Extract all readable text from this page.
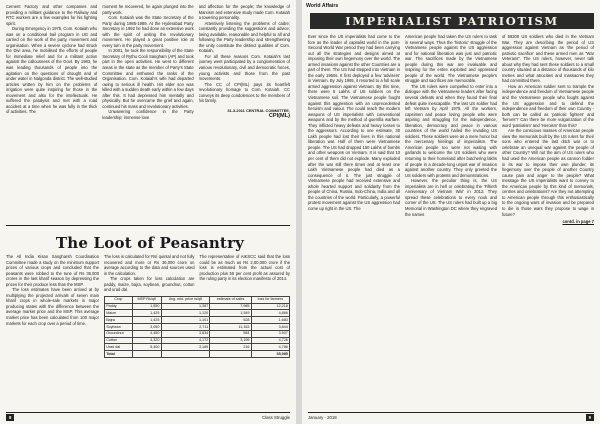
Cement Factory and other companies and providing a militant guidance to the Railway and RTC workers are a few examples for his fighting spirit.

During Emergency in 1975, Com. Kotaiah who was on a conditional bail program in UG and carried on the work of the party, movement and organisation. When a severe cyclone had struck the Divi area, he mobilised the efforts of people for immediate relief and for a militant action against the callousness of the Govt. By 1983, he was leading thousands of people into the agitation on the questions of drought and of under water in Nalgonda district. The well-studied articles written by him on the problems of irrigation were quite inspiring for those in the movement and also for the intellectuals. He suffered the paralysis and met with a road accident at a time when he was fully in the thick of activities. The

moment he recovered, he again plunged into the party work.

Com. Kotaiah was the State Secretary of the Party during 1985-1989. At the Hyderabad Party Secretary in 1992 he had done an extensive work with the spirit of uniting the revolutionary movement. He played a great positive role at every turn in the party movement.

In 2001, he took the responsibility of the State Secretary of Rythu Cooli Sangham (AP) and took part in the open activities. He went to different areas in the state as the member of Party's State Committee and enthused the ranks of the Organisation. Com. Kotaiah's wife had departed owing to serious ill health. His elder son was killed with a sudden death early within a few days after this. It had depressed him mentally and physically. But he overcame the grief and again, continued his mass and revolutionary activities.

Unwavering confidence in the Party leadership; immense love

and affection for the people; the knowledge of Marxism and extensive study made Com. Kotaiah a towering personality.

Attentively listening the problems of cadre; constantly providing the suggestions and advice; being available, reasonable and helpful to all and following the Party leadership and strengthening the unity constitute the distinct qualities of Com. Kotaiah.

For all these reasons Com. Kotaiah's last journey went participated by a conglomeration of various revolutionary, civil and democratic forces, young activists and those from the past movements.

The CC of CPI(ML) pays its heartfelt revolutionary homage to Com. Kotaiah. CC conveys its deep condolences to the members of his family.

31-3-2011 CENTRAL COMMITTEE,
CPI(ML)
The Loot of Peasantry

The All India Kisan Sangharsh Coordination Committee made a study on the minimum support prices of various crops and concluded that the peasants were robbed to the tune of Rs 36,000 crores in the last kharif season by depressing the prices for their produce less than the MSP.

The loss estimates have been arrived at by multiplying the projected arrivals of seven main kharif crops in whole-sale markets in major producing states with the difference between the average market price and the MSP. This average market price has been calculated from 100 major markets for each crop over a period of time.

The loss is calculated for Rs/ quintal and not fully recovered and more or Rs 36,000 crore on average according to the data and sources used in the calculation.

The crops taken for loss calculation are paddy, maize, bajra, soybean, groundnut, cotton and urad dal.

The representative of AIKSCC said that the loss could be as much as Rs 2,00,000 crore if the loss is estimated from the actual cost of production plus 50 per cent profit as assured by the ruling party in its election manifesto of 2014.

Crop	MSP Rs/qtl	Avg. mkt. price rs/qtl	estimate of sales	loss for farmers
Paddy	1,550	1,387	7,985	12,218
Maize	1,425	1,120	1,549	4,866
Bajra	1,425	1,101	528	1,683
Soybean	3,050	2,711	11,163	3,844
Groundnut	4,450	3,834	584	3,507
Cotton	4,320	4,172	3,195	4,726
Urad dal	5,400	3,189	216	4,786
Total				35,985
8	Class Struggle
World Affairs
IMPERIALIST PATRIOTISM

Ever since the US imperialists had come to the fore as the leader of capitalist world in the post-Second World War period they had been carrying out all the strategies and designs aimed at imposing their own hegemony over the world. The armed invasions against the other Countries are a part of them. The US had stepped into Vietnam in the early 1950s. It first deployed a few 'advisers' in Vietnam. By July 1965, it resorted to a full scale armed aggression against Vietnam. By this time, there were 5 Lakhs of US soldiers on the Vietnamese soil. The Vietnamese people fought against this aggression with an unprecedented heroism and valour. The could reach the modern weapons of US imperialists with conventional weapons and by the method of guerrilla warfare. They inflicted heavy defeats and heavy losses to the aggressors. According to one estimate, 30 Lakh people had lost their lives in this national liberation war. Half of them were Vietnamese people. The US had dropped 150 Lakhs of bombs and other weapons on Vietnam. It is said that 10 per cent of them did not explode. Many exploded after the war still there times and at least one Lakh Vietnamese people had died as a consequence of it. The just struggle of Vietnamese people had received extensive and whole hearted support and solidarity from the people of China, Russia, Indo-China, India and all the countries of the world. Particularly, a powerful protest movement against the US aggression had come up right in the US. The

American people had taken the US rulers to task in several ways. Thus the 'historic' struggle of the Vietnamese people against the US aggression and for national liberation was just and patriotic war. The sacrifices made by the Vietnamese people during this war are invaluable and inspiring for the entire exploited and oppressed people of the world. The Vietnamese people's struggle and sacrifices are memorable.

The US rulers were compelled to enter into a dialogue with the Vietnamese leaders after facing several defeats and when they found their final defeat quite inescapable. The last US soldier had left Vietnam by April 1975. All the workers, capsimen and peace loving people who were aspiring and struggling for the independence, liberation, democracy and peace in various countries of the world hailed the invading US soldiers. These soldiers were as a mere honor but the mercenary hirelings of imperialism. The American people too were not waiting with garlands to welcome the US soldiers who were returning to their homeland after butchering lakhs of people in a decade-long unjust war of invasion against another country. They only greeted the US soldiers with protests and demonstrations.

However, the peculiar thing is, the US imperialists are in hell or celebrating the 'Fiftieth Anniversary of Vietnam War' in 2012. They spread these celebrations to every nook and corner of the US. The US rulers had built up a big Memorial in Washington DC where they engraved the names

of 58200 US soldiers who died in the Vietnam War. They are describing the period of US aggression against Vietnam as 'the period of patriotic sacrifice' and these armed men as "War Veterans". The US rulers, however, never talk about why they had sent these soldiers to a small country situated at a distance of thousands of kilo metres and what atrocities and massacres they had committed there.

How an American soldier sent to trample the independence and freedom of Vietnamese people and the Vietnamese people who fought against the US aggression and to defend the independence and freedom of their own Country - both can be called as 'patriotic fighters' and 'heroes'? Can there be more vulgarization of the word 'patriotism' and 'Heroism' than this?

Are the conscious masses of American people view the memorials built by the US rulers for their sons who entered the last ditch war or to celebrate an unequal war against the people of other Country? Will not the aim of US rulers who had used the American people as cannon fodder in its war to impose their own plunder, its hegemony over the people of another Country cause pain and anger to the people? What message the US imperialists want to convey to the American people by this kind of memorials, centres and celebrations? Are they not attempting to American people through this enthusiastically to the ongoing wars of invasion and be prepared to die in those wars they propose to wage in future?

contd. in page 7
January - 2018	9
